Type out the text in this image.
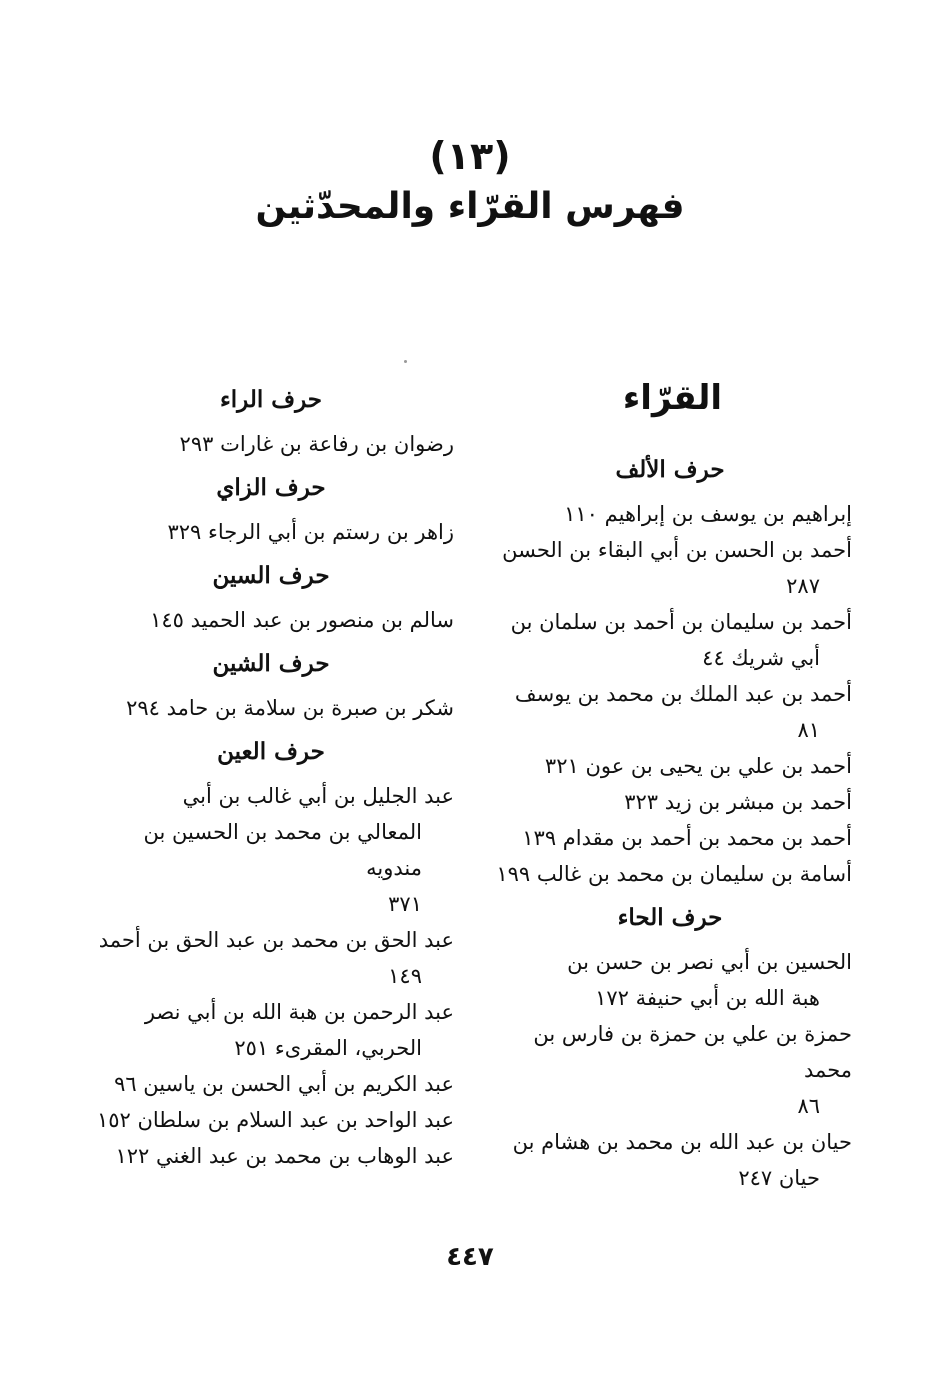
(١٣)
فهرس القرّاء والمحدّثين
القرّاء
حرف الألف
إبراهيم بن يوسف بن إبراهيم ١١٠
أحمد بن الحسن بن أبي البقاء بن الحسن
٢٨٧
أحمد بن سليمان بن أحمد بن سلمان بن
أبي شريك ٤٤
أحمد بن عبد الملك بن محمد بن يوسف
٨١
أحمد بن علي بن يحيى بن عون ٣٢١
أحمد بن مبشر بن زيد ٣٢٣
أحمد بن محمد بن أحمد بن مقدام ١٣٩
أسامة بن سليمان بن محمد بن غالب ١٩٩
حرف الحاء
الحسين بن أبي نصر بن حسن بن
هبة الله بن أبي حنيفة ١٧٢
حمزة بن علي بن حمزة بن فارس بن محمد
٨٦
حيان بن عبد الله بن محمد بن هشام بن
حيان ٢٤٧
حرف الراء
رضوان بن رفاعة بن غارات ٢٩٣
حرف الزاي
زاهر بن رستم بن أبي الرجاء ٣٢٩
حرف السين
سالم بن منصور بن عبد الحميد ١٤٥
حرف الشين
شكر بن صبرة بن سلامة بن حامد ٢٩٤
حرف العين
عبد الجليل بن أبي غالب بن أبي
المعالي بن محمد بن الحسين بن مندويه
٣٧١
عبد الحق بن محمد بن عبد الحق بن أحمد
١٤٩
عبد الرحمن بن هبة الله بن أبي نصر
الحربي، المقرىء ٢٥١
عبد الكريم بن أبي الحسن بن ياسين ٩٦
عبد الواحد بن عبد السلام بن سلطان ١٥٢
عبد الوهاب بن محمد بن عبد الغني ١٢٢
٤٤٧
